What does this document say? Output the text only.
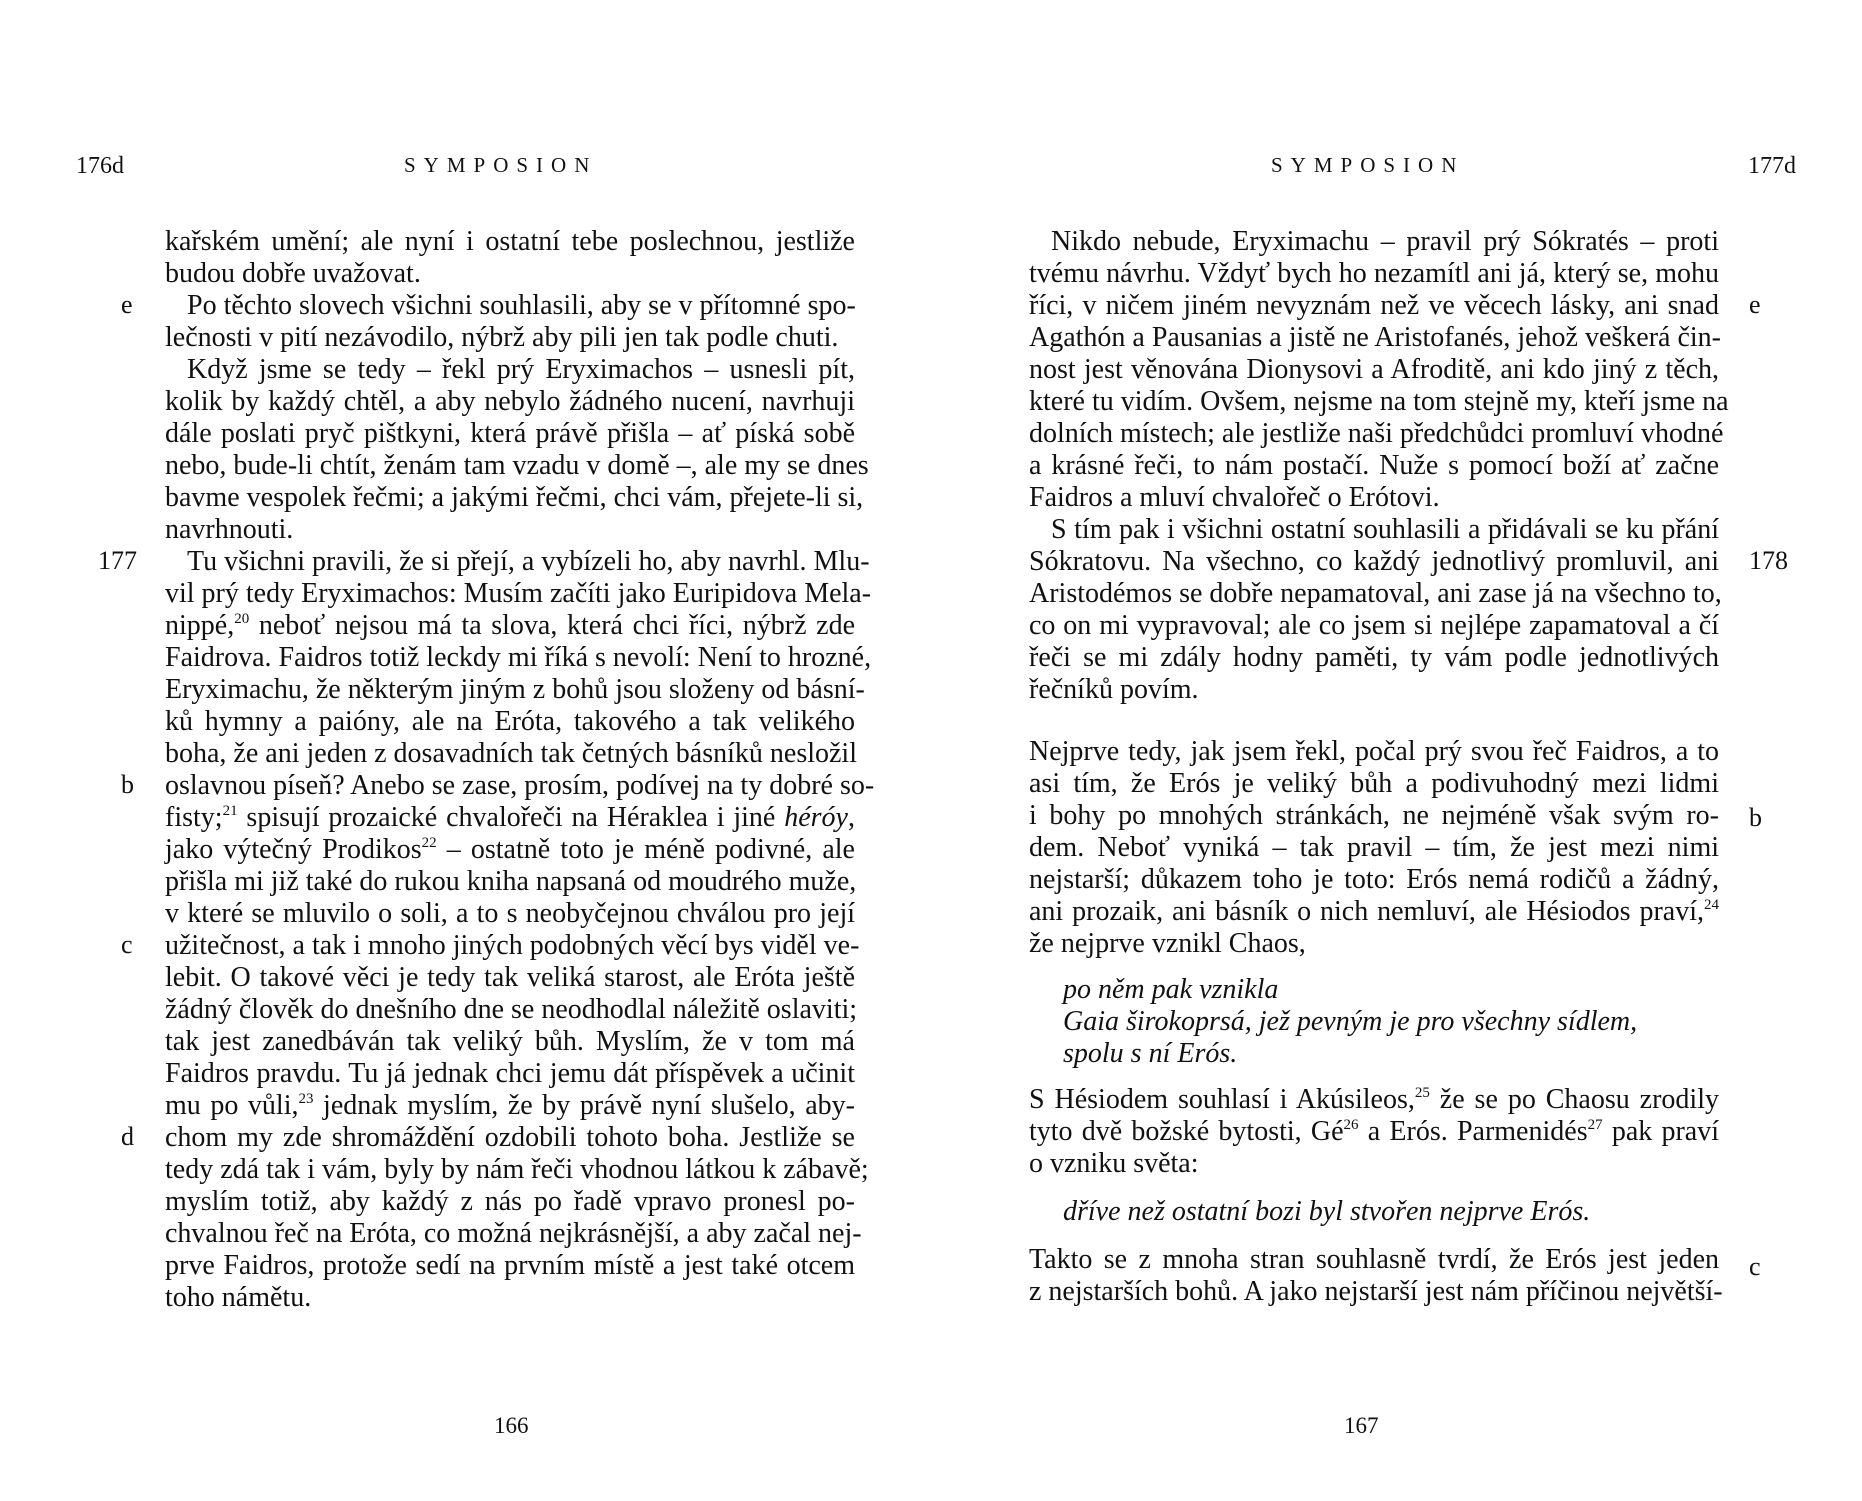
176d	SYMPOSION
e
177
b
c
d
kařském umění; ale nyní i ostatní tebe poslechnou, jestliže
budou dobře uvažovat.
Po těchto slovech všichni souhlasili, aby se v přítomné spo-
lečnosti v pití nezávodilo, nýbrž aby pili jen tak podle chuti.
Když jsme se tedy – řekl prý Eryximachos – usnesli pít,
kolik by každý chtěl, a aby nebylo žádného nucení, navrhuji
dále poslati pryč pištkyni, která právě přišla – ať píská sobě
nebo, bude-li chtít, ženám tam vzadu v domě –, ale my se dnes
bavme vespolek řečmi; a jakými řečmi, chci vám, přejete-li si,
navrhnouti.
Tu všichni pravili, že si přejí, a vybízeli ho, aby navrhl. Mlu-
vil prý tedy Eryximachos: Musím začíti jako Euripidova Mela-
nippé,$^{20}$ neboť nejsou má ta slova, která chci říci, nýbrž zde
Faidrova. Faidros totiž leckdy mi říká s nevolí: Není to hrozné,
Eryximachu, že některým jiným z bohů jsou složeny od básní-
ků hymny a paióny, ale na Eróta, takového a tak velikého
boha, že ani jeden z dosavadních tak četných básníků nesložil
oslavnou píseň? Anebo se zase, prosím, podívej na ty dobré so-
fisty;$^{21}$ spisují prozaické chvalořeči na Hérakleа i jiné héróy,
jako výtečný Prodikos$^{22}$ – ostatně toto je méně podivné, ale
přišla mi již také do rukou kniha napsaná od moudrého muže,
v které se mluvilo o soli, a to s neobyčejnou chválou pro její
užitečnost, a tak i mnoho jiných podobných věcí bys viděl ve-
lebit. O takové věci je tedy tak veliká starost, ale Eróta ještě
žádný člověk do dnešního dne se neodhodlal náležitě oslaviti;
tak jest zanedbáván tak veliký bůh. Myslím, že v tom má
Faidros pravdu. Tu já jednak chci jemu dát příspěvek a učinit
mu po vůli,$^{23}$ jednak myslím, že by právě nyní slušelo, aby-
chom my zde shromáždění ozdobili tohoto boha. Jestliže se
tedy zdá tak i vám, byly by nám řeči vhodnou látkou k zábavě;
myslím totiž, aby každý z nás po řadě vpravo pronesl po-
chvalnou řeč na Eróta, co možná nejkrásnější, a aby začal nej-
prve Faidros, protože sedí na prvním místě a jest také otcem
toho námětu.
166
SYMPOSION	177d
e
178
b
c
Nikdo nebude, Eryximachu – pravil prý Sókratés – proti
tvému návrhu. Vždyť bych ho nezamítl ani já, který se, mohu
říci, v ničem jiném nevyznám než ve věcech lásky, ani snad
Agathón a Pausanias a jistě ne Aristofanés, jehož veškerá čin-
nost jest věnována Dionysovi a Afroditě, ani kdo jiný z těch,
které tu vidím. Ovšem, nejsme na tom stejně my, kteří jsme na
dolních místech; ale jestliže naši předchůdci promluví vhodné
a krásné řeči, to nám postačí. Nuže s pomocí boží ať začne
Faidros a mluví chvalořeč o Erótovi.
S tím pak i všichni ostatní souhlasili a přidávali se ku přání
Sókratovu. Na všechno, co každý jednotlivý promluvil, ani
Aristodémos se dobře nepamatoval, ani zase já na všechno to,
co on mi vypravoval; ale co jsem si nejlépe zapamatoval a čí
řeči se mi zdály hodny paměti, ty vám podle jednotlivých
řečníků povím.
Nejprve tedy, jak jsem řekl, počal prý svou řeč Faidros, a to
asi tím, že Erós je veliký bůh a podivuhodný mezi lidmi
i bohy po mnohých stránkách, ne nejméně však svým ro-
dem. Neboť vyniká – tak pravil – tím, že jest mezi nimi
nejstarší; důkazem toho je toto: Erós nemá rodičů a žádný,
ani prozaik, ani básník o nich nemluví, ale Hésiodos praví,$^{24}$
že nejprve vznikl Chaos,
po něm pak vznikla
Gaia širokoprsá, jež pevným je pro všechny sídlem,
spolu s ní Erós.
S Hésiodem souhlasí i Akúsileos,$^{25}$ že se po Chaosu zrodily
tyto dvě božské bytosti, $Gé^{26}$ a Erós. Parmenidés$^{27}$ pak praví
o vzniku světa:
dříve než ostatní bozi byl stvořen nejprve Erós.
Takto se z mnoha stran souhlasně tvrdí, že Erós jest jeden
z nejstarších bohů. A jako nejstarší jest nám příčinou největší-
167
